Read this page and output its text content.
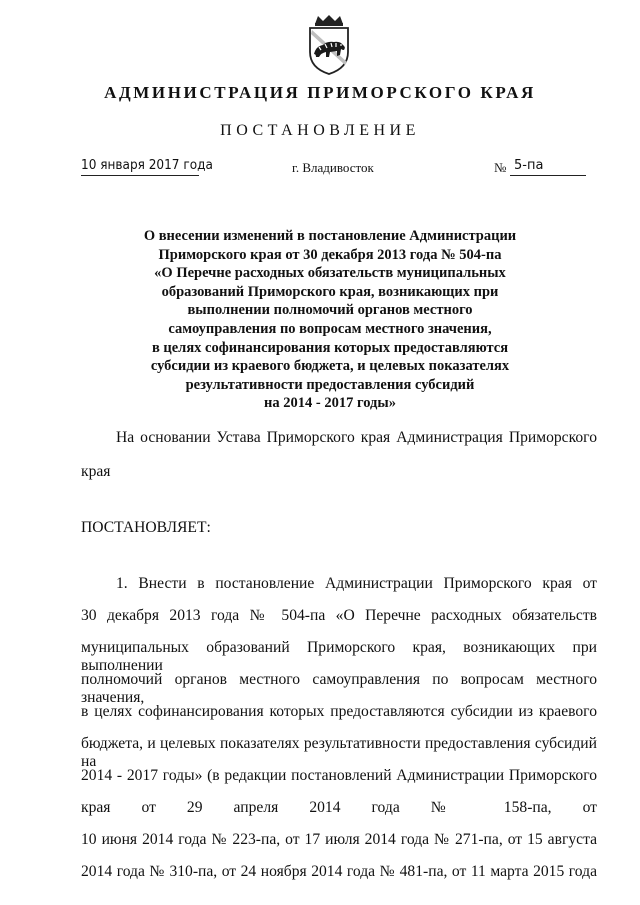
АДМИНИСТРАЦИЯ ПРИМОРСКОГО КРАЯ
ПОСТАНОВЛЕНИЕ
10 января 2017 года	г. Владивосток	№ 5-па
О внесении изменений в постановление Администрации
Приморского края от 30 декабря 2013 года № 504-па
«О Перечне расходных обязательств муниципальных
образований Приморского края, возникающих при
выполнении полномочий органов местного
самоуправления по вопросам местного значения,
в целях софинансирования которых предоставляются
субсидии из краевого бюджета, и целевых показателях
результативности предоставления субсидий
на 2014 - 2017 годы»
На основании Устава Приморского края Администрация Приморского
края
ПОСТАНОВЛЯЕТ:
1. Внести в постановление Администрации Приморского края от
30 декабря 2013 года № 504-па «О Перечне расходных обязательств
муниципальных образований Приморского края, возникающих при выполнении
полномочий органов местного самоуправления по вопросам местного значения,
в целях софинансирования которых предоставляются субсидии из краевого
бюджета, и целевых показателях результативности предоставления субсидий на
2014 - 2017 годы» (в редакции постановлений Администрации Приморского
края от 29 апреля 2014 года № 158-па, от
10 июня 2014 года № 223-па, от 17 июля 2014 года № 271-па, от 15 августа
2014 года № 310-па, от 24 ноября 2014 года № 481-па, от 11 марта 2015 года
